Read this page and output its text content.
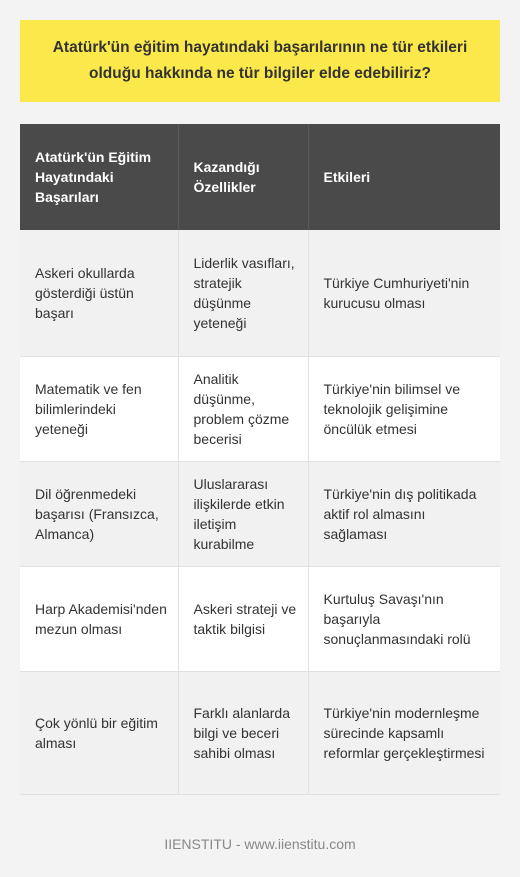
Atatürk'ün eğitim hayatındaki başarılarının ne tür etkileri olduğu hakkında ne tür bilgiler elde edebiliriz?
Atatürk'ün Eğitim Hayatındaki Başarıları	Kazandığı Özellikler	Etkileri
Askeri okullarda gösterdiği üstün başarı	Liderlik vasıfları, stratejik düşünme yeteneği	Türkiye Cumhuriyeti'nin kurucusu olması
Matematik ve fen bilimlerindeki yeteneği	Analitik düşünme, problem çözme becerisi	Türkiye'nin bilimsel ve teknolojik gelişimine öncülük etmesi
Dil öğrenmedeki başarısı (Fransızca, Almanca)	Uluslararası ilişkilerde etkin iletişim kurabilme	Türkiye'nin dış politikada aktif rol almasını sağlaması
Harp Akademisi'nden mezun olması	Askeri strateji ve taktik bilgisi	Kurtuluş Savaşı'nın başarıyla sonuçlanmasındaki rolü
Çok yönlü bir eğitim alması	Farklı alanlarda bilgi ve beceri sahibi olması	Türkiye'nin modernleşme sürecinde kapsamlı reformlar gerçekleştirmesi
IIENSTITU - www.iienstitu.com
